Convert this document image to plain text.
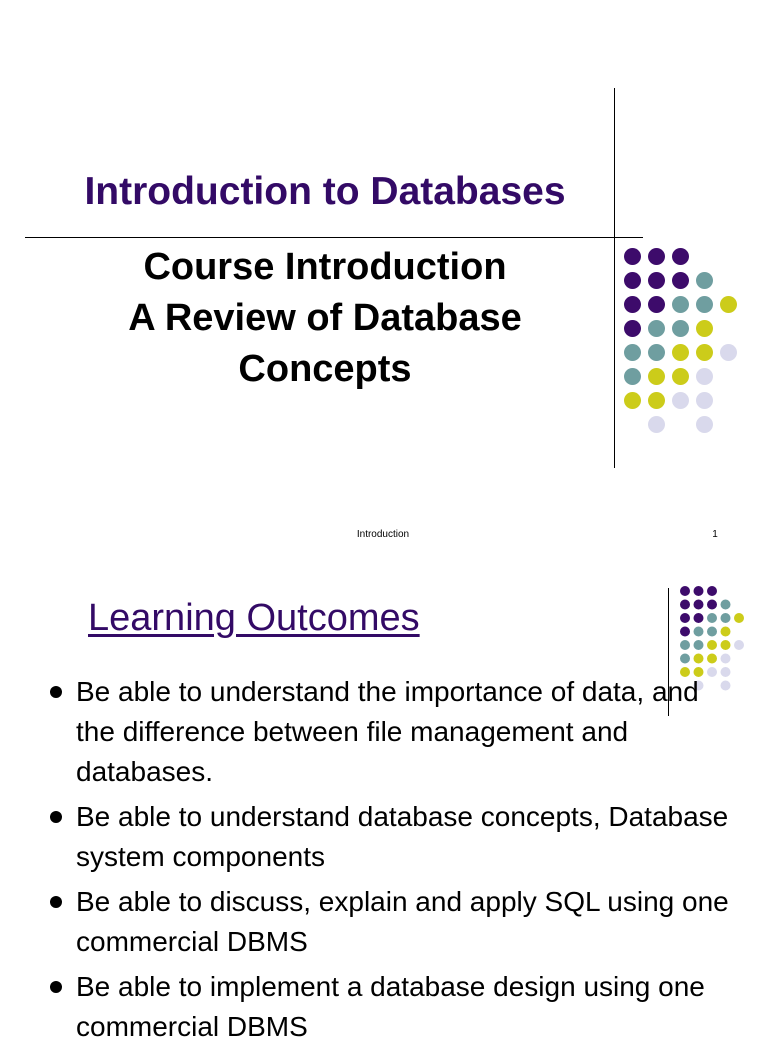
Introduction to Databases
Course Introduction
A Review of Database
Concepts
Introduction	1
Learning Outcomes
Be able to understand the importance of data, and the difference between file management and databases.
Be able to understand database concepts, Database system components
Be able to discuss, explain and apply SQL using one commercial DBMS
Be able to implement a database design using one commercial DBMS
